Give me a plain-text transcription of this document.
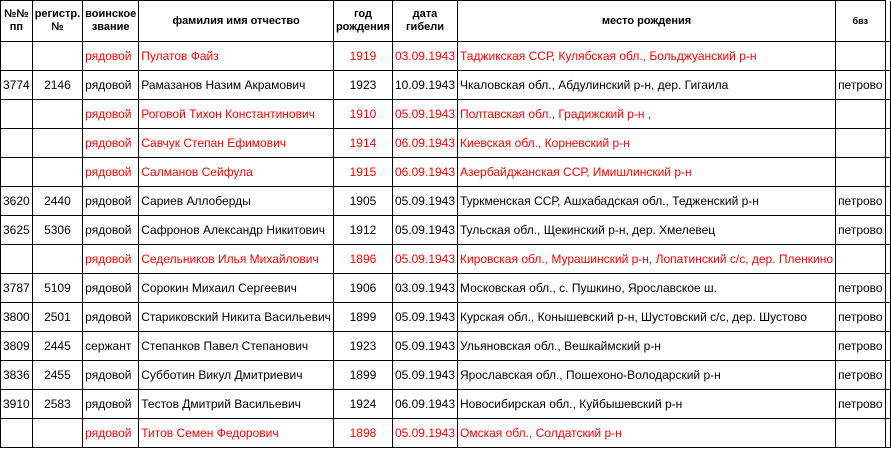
№№ пп	регистр. №	воинское звание	фамилия имя отчество	год рождения	дата гибели	место рождения	бвз	
		рядовой	Пулатов Файз	1919	03.09.1943	Таджикская ССР, Кулябская обл., Больджуанский р-н		
3774	2146	рядовой	Рамазанов Назим Акрамович	1923	10.09.1943	Чкаловская обл., Абдулинский р-н, дер. Гигаила	петрово	
		рядовой	Роговой Тихон Константинович	1910	05.09.1943	Полтавская обл., Градижский р-н ,		
		рядовой	Савчук Степан Ефимович	1914	06.09.1943	Киевская обл., Корневский р-н		
		рядовой	Салманов Сейфула	1915	06.09.1943	Азербайджанская ССР, Имишлинский р-н		
3620	2440	рядовой	Сариев Аллоберды	1905	05.09.1943	Туркменская ССР, Ашхабадская обл., Теджeнский р-н	петрово	
3625	5306	рядовой	Сафронов Александр Никитович	1912	05.09.1943	Тульская обл., Щекинский р-н, дер. Хмелевец	петрово	
		рядовой	Седельников Илья Михайлович	1896	05.09.1943	Кировская обл., Мурашинский р-н, Лопатинский с/с, дер. Пленкино		
3787	5109	рядовой	Сорокин Михаил Сергеевич	1906	03.09.1943	Московская обл., с. Пушкино, Ярославское ш.	петрово	
3800	2501	рядовой	Стариковский Никита Васильевич	1899	05.09.1943	Курская обл., Конышевский р-н, Шустовский с/с, дер. Шустово	петрово	
3809	2445	сержант	Степанков Павел Степанович	1923	05.09.1943	Ульяновская обл., Вешкаймский р-н	петрово	
3836	2455	рядовой	Субботин Викул Дмитриевич	1899	05.09.1943	Ярославская обл., Пошехоно-Володарский р-н	петрово	
3910	2583	рядовой	Тестов Дмитрий Васильевич	1924	06.09.1943	Новосибирская обл., Куйбышевский р-н	петрово	
		рядовой	Титов Семен Федорович	1898	05.09.1943	Омская обл., Солдатский р-н		
